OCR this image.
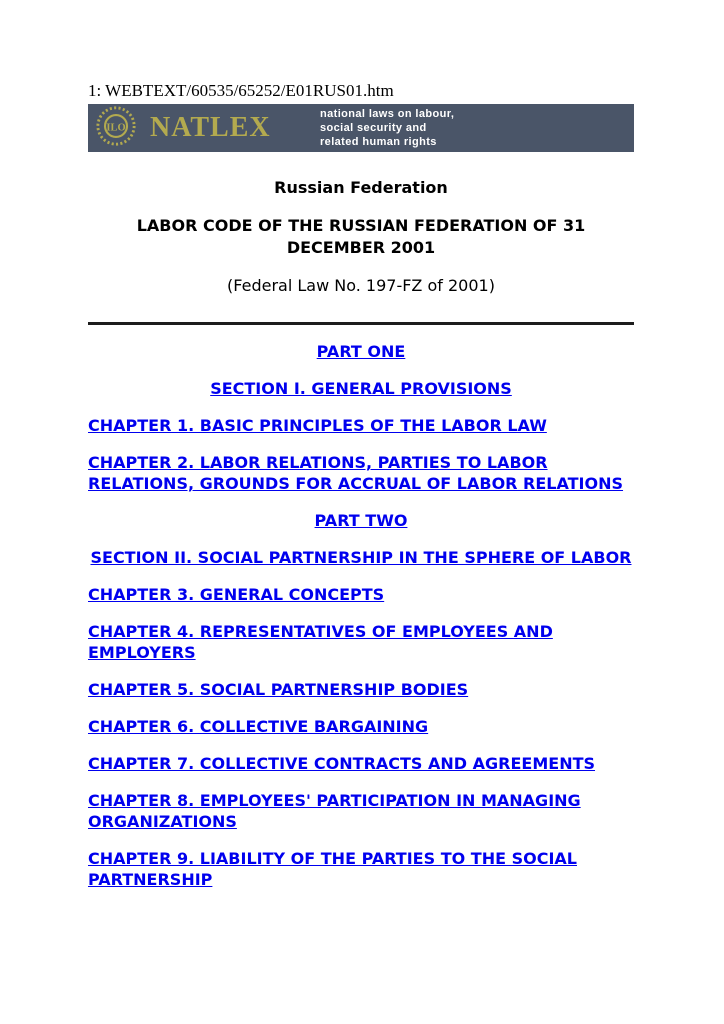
1: WEBTEXT/60535/65252/E01RUS01.htm

ILO NATLEX	national laws on labour,
social security and
related human rights
Russian Federation
LABOR CODE OF THE RUSSIAN FEDERATION OF 31 DECEMBER 2001
(Federal Law No. 197-FZ of 2001)

PART ONE

SECTION I. GENERAL PROVISIONS

CHAPTER 1. BASIC PRINCIPLES OF THE LABOR LAW

CHAPTER 2. LABOR RELATIONS, PARTIES TO LABOR RELATIONS, GROUNDS FOR ACCRUAL OF LABOR RELATIONS

PART TWO

SECTION II. SOCIAL PARTNERSHIP IN THE SPHERE OF LABOR

CHAPTER 3. GENERAL CONCEPTS

CHAPTER 4. REPRESENTATIVES OF EMPLOYEES AND EMPLOYERS

CHAPTER 5. SOCIAL PARTNERSHIP BODIES

CHAPTER 6. COLLECTIVE BARGAINING

CHAPTER 7. COLLECTIVE CONTRACTS AND AGREEMENTS

CHAPTER 8. EMPLOYEES' PARTICIPATION IN MANAGING ORGANIZATIONS

CHAPTER 9. LIABILITY OF THE PARTIES TO THE SOCIAL PARTNERSHIP
